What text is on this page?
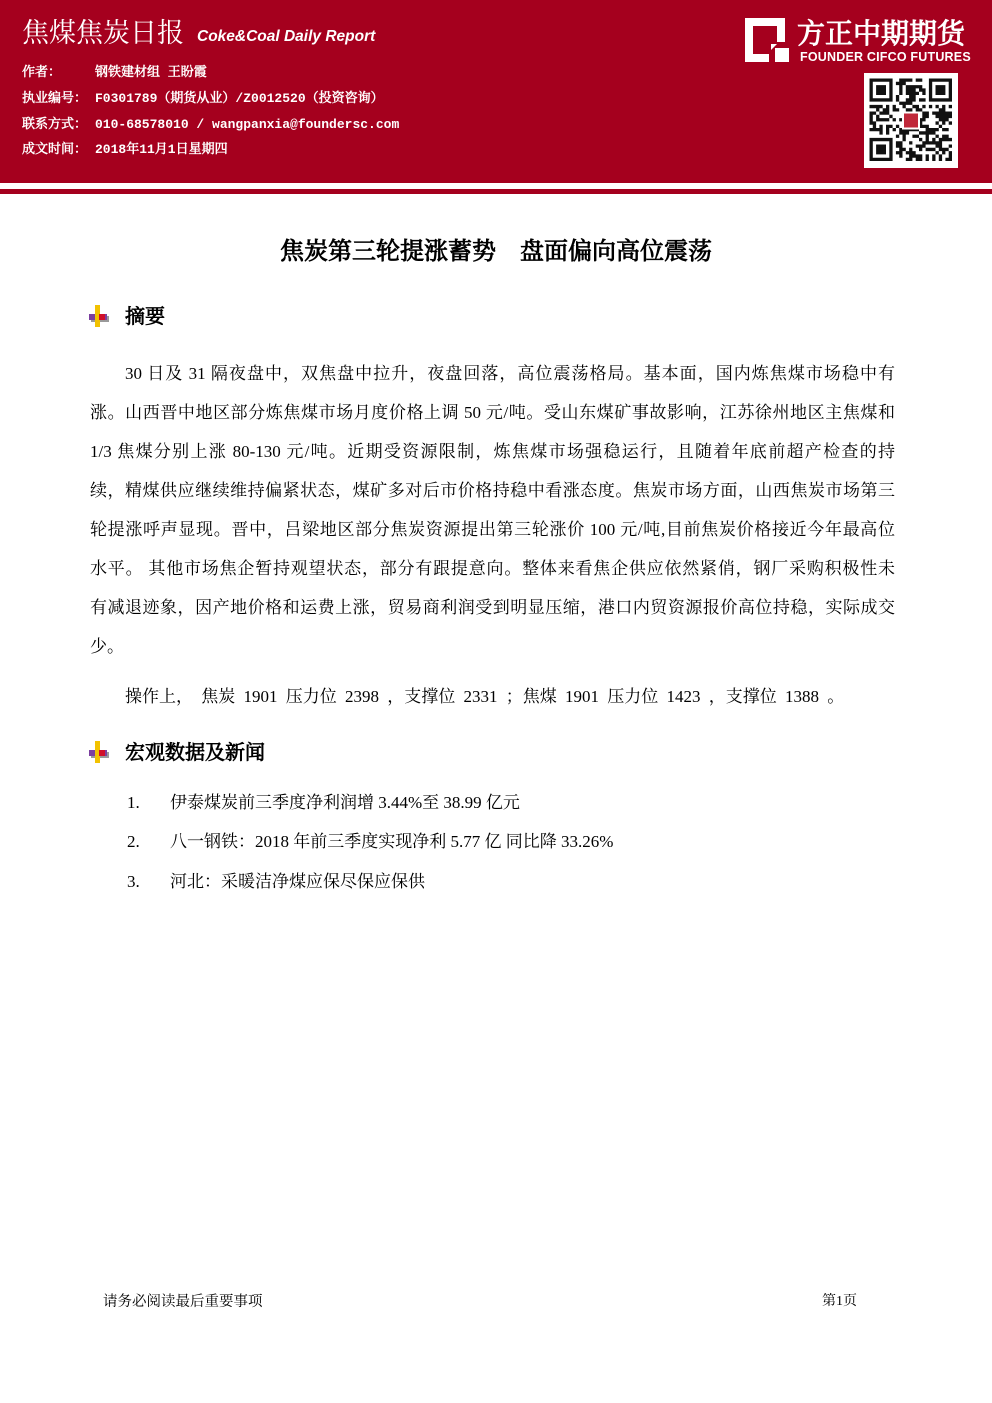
焦煤焦炭日报 Coke&Coal Daily Report
作者：	钢铁建材组 王盼霞
执业编号： F0301789（期货从业）/Z0012520（投资咨询）
联系方式： 010-68578010 / wangpanxia@foundersc.com
成文时间： 2018年11月1日星期四
方正中期期货
FOUNDER CIFCO FUTURES
焦炭第三轮提涨蓄势　盘面偏向高位震荡
摘要
30 日及 31 隔夜盘中，双焦盘中拉升，夜盘回落，高位震荡格局。基本面，国内炼焦煤市场稳中有
涨。山西晋中地区部分炼焦煤市场月度价格上调 50 元/吨。受山东煤矿事故影响，江苏徐州地区主焦煤和
1/3 焦煤分别上涨 80-130 元/吨。近期受资源限制，炼焦煤市场强稳运行，且随着年底前超产检查的持
续，精煤供应继续维持偏紧状态，煤矿多对后市价格持稳中看涨态度。焦炭市场方面，山西焦炭市场第三
轮提涨呼声显现。晋中，吕梁地区部分焦炭资源提出第三轮涨价 100 元/吨,目前焦炭价格接近今年最高位
水平。 其他市场焦企暂持观望状态，部分有跟提意向。整体来看焦企供应依然紧俏，钢厂采购积极性未
有减退迹象，因产地价格和运费上涨，贸易商利润受到明显压缩，港口内贸资源报价高位持稳，实际成交
少。
操作上， 焦炭 1901 压力位 2398 ，支撑位 2331 ；焦煤 1901 压力位 1423 ，支撑位 1388 。
宏观数据及新闻
1. 伊泰煤炭前三季度净利润增 3.44%至 38.99 亿元
2. 八一钢铁：2018 年前三季度实现净利 5.77 亿 同比降 33.26%
3. 河北：采暖洁净煤应保尽保应保供
请务必阅读最后重要事项	第1页
